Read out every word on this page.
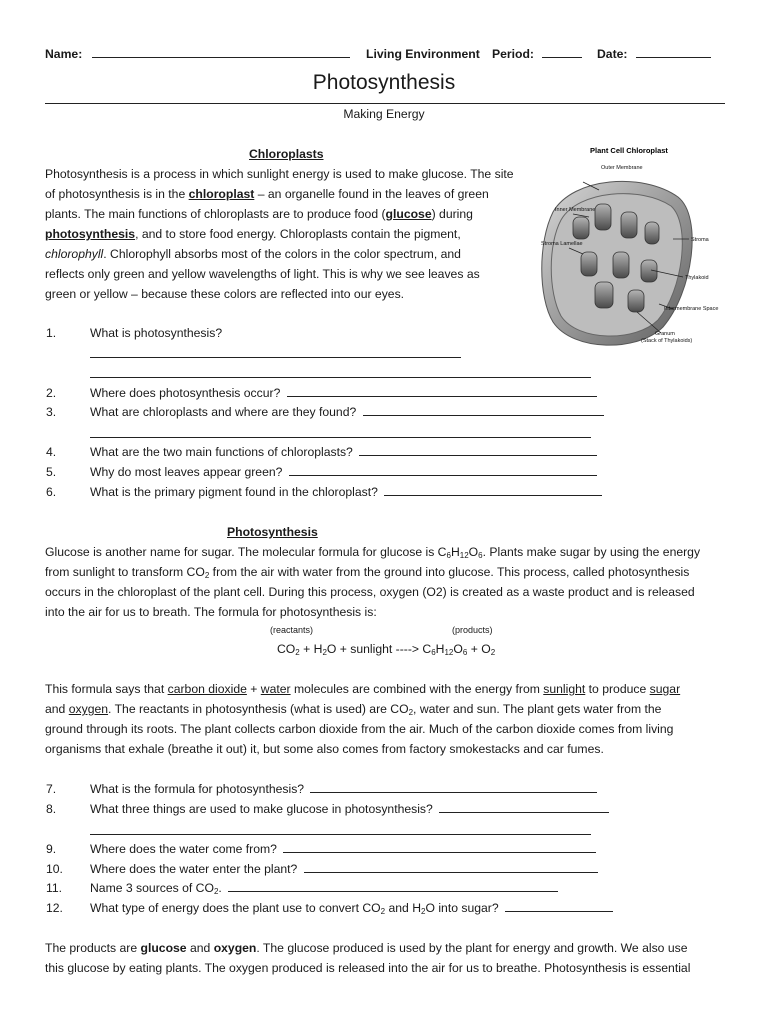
Name:	Living Environment Period:	Date:
Photosynthesis
Making Energy
Chloroplasts
Photosynthesis is a process in which sunlight energy is used to make glucose. The site
of photosynthesis is in the chloroplast – an organelle found in the leaves of green
plants. The main functions of chloroplasts are to produce food (glucose) during
photosynthesis, and to store food energy. Chloroplasts contain the pigment,
chlorophyll. Chlorophyll absorbs most of the colors in the color spectrum, and
reflects only green and yellow wavelengths of light. This is why we see leaves as
green or yellow – because these colors are reflected into our eyes.
Plant Cell Chloroplast
Outer Membrane
Inner Membrane
Stroma Lamellae
Stroma
Thylakoid
Intermembrane Space
Granum
(Stack of Thylakoids)
1.	What is photosynthesis?
2.	Where does photosynthesis occur?
3.	What are chloroplasts and where are they found?
4.	What are the two main functions of chloroplasts?
5.	Why do most leaves appear green?
6.	What is the primary pigment found in the chloroplast?
Photosynthesis
Glucose is another name for sugar. The molecular formula for glucose is $C_6H_{12}O_6$. Plants make sugar by using the energy
from sunlight to transform $CO_2$ from the air with water from the ground into glucose. This process, called photosynthesis
occurs in the chloroplast of the plant cell. During this process, oxygen (O2) is created as a waste product and is released
into the air for us to breath. The formula for photosynthesis is:
(reactants)	(products)
$CO_2 + H_2O$ + sunlight ----> $C_6H_{12}O_6 + O_2$
This formula says that carbon dioxide + water molecules are combined with the energy from sunlight to produce sugar
and oxygen. The reactants in photosynthesis (what is used) are $CO_2$, water and sun. The plant gets water from the
ground through its roots. The plant collects carbon dioxide from the air. Much of the carbon dioxide comes from living
organisms that exhale (breathe it out) it, but some also comes from factory smokestacks and car fumes.
7.	What is the formula for photosynthesis?
8.	What three things are used to make glucose in photosynthesis?
9.	Where does the water come from?
10. Where does the water enter the plant?
11. Name 3 sources of $CO_2$.
12. What type of energy does the plant use to convert $CO_2$ and $H_2O$ into sugar?
The products are glucose and oxygen. The glucose produced is used by the plant for energy and growth. We also use
this glucose by eating plants. The oxygen produced is released into the air for us to breathe. Photosynthesis is essential
